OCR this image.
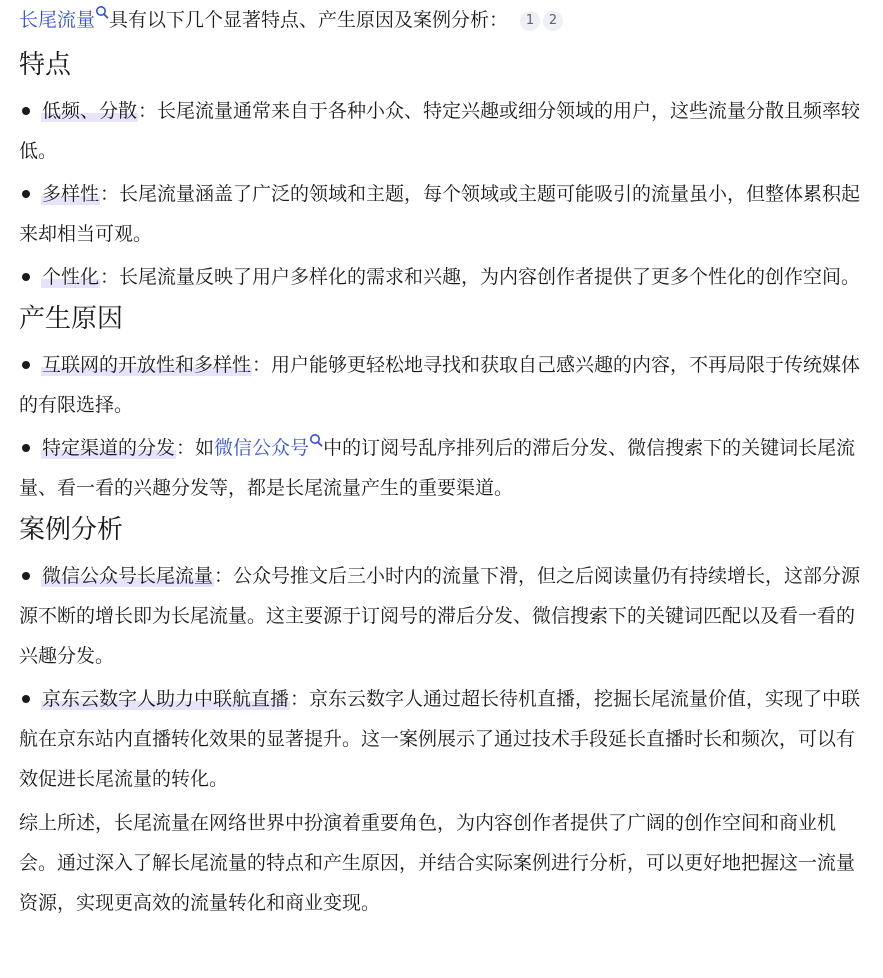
长尾流量 具有以下几个显著特点、产生原因及案例分析： 1 2
特点
低频、分散：长尾流量通常来自于各种小众、特定兴趣或细分领域的用户，这些流量分散且频率较低。
多样性：长尾流量涵盖了广泛的领域和主题，每个领域或主题可能吸引的流量虽小，但整体累积起来却相当可观。
个性化：长尾流量反映了用户多样化的需求和兴趣，为内容创作者提供了更多个性化的创作空间。
产生原因
互联网的开放性和多样性：用户能够更轻松地寻找和获取自己感兴趣的内容，不再局限于传统媒体的有限选择。
特定渠道的分发：如微信公众号 中的订阅号乱序排列后的滞后分发、微信搜索下的关键词长尾流量、看一看的兴趣分发等，都是长尾流量产生的重要渠道。
案例分析
微信公众号长尾流量：公众号推文后三小时内的流量下滑，但之后阅读量仍有持续增长，这部分源源不断的增长即为长尾流量。这主要源于订阅号的滞后分发、微信搜索下的关键词匹配以及看一看的兴趣分发。
京东云数字人助力中联航直播：京东云数字人通过超长待机直播，挖掘长尾流量价值，实现了中联航在京东站内直播转化效果的显著提升。这一案例展示了通过技术手段延长直播时长和频次，可以有效促进长尾流量的转化。

综上所述，长尾流量在网络世界中扮演着重要角色，为内容创作者提供了广阔的创作空间和商业机会。通过深入了解长尾流量的特点和产生原因，并结合实际案例进行分析，可以更好地把握这一流量资源，实现更高效的流量转化和商业变现。
